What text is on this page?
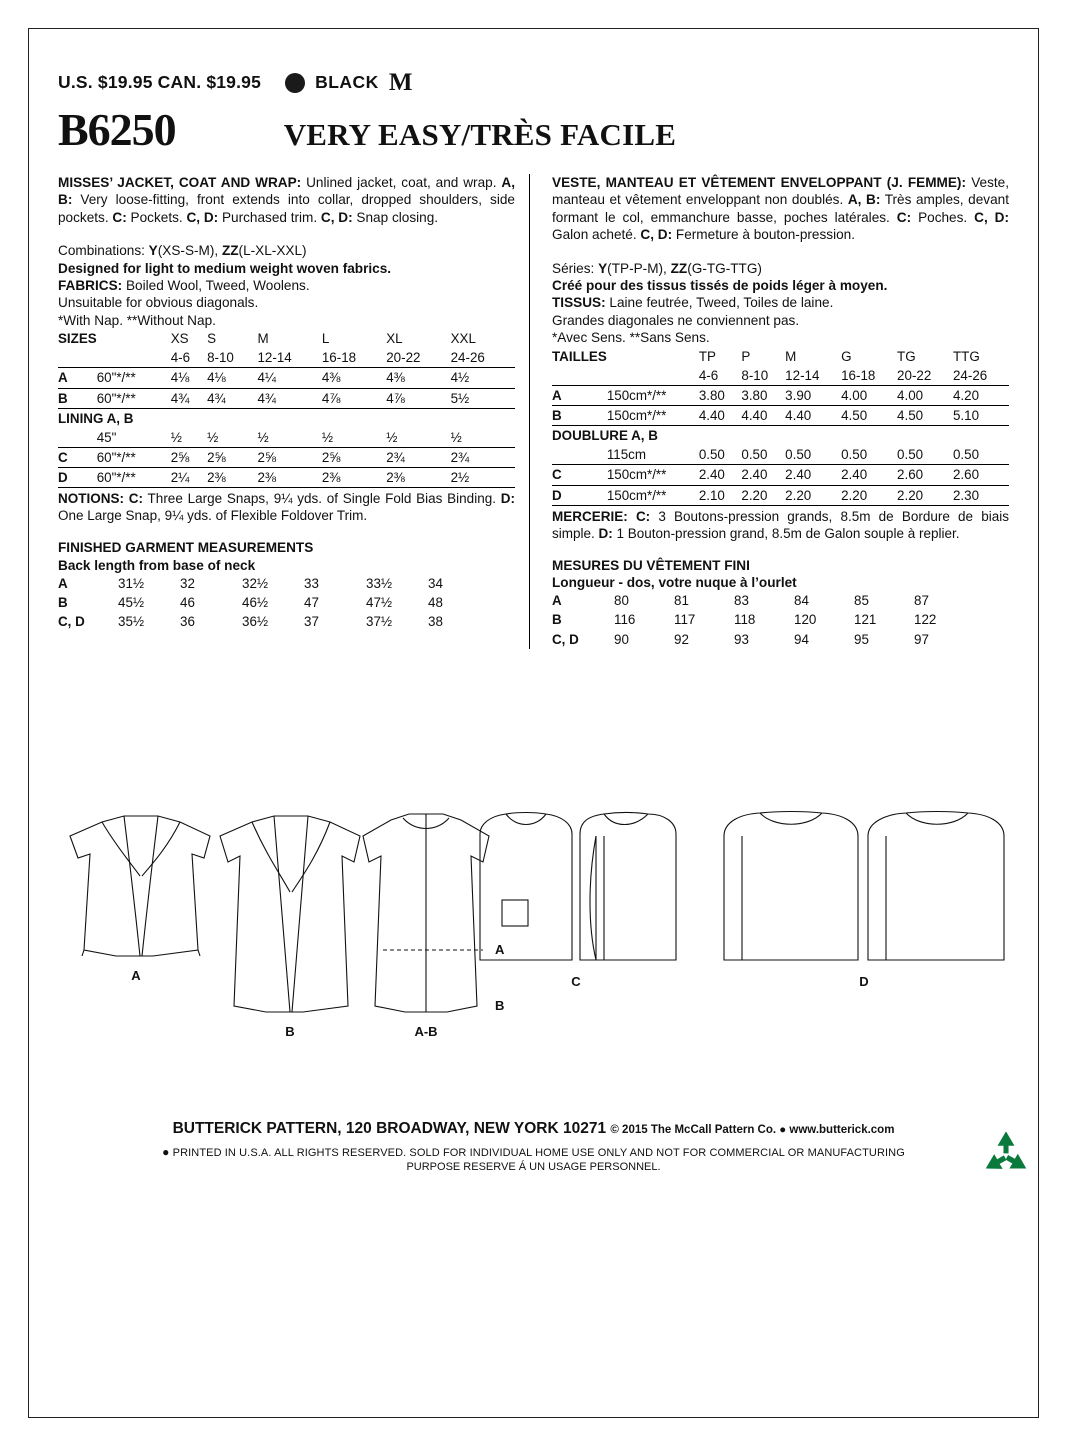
U.S. $19.95 CAN. $19.95	BLACK M
B6250	VERY EASY/TRÈS FACILE
MISSES’ JACKET, COAT AND WRAP: Unlined jacket, coat, and wrap. A, B: Very loose-fitting, front extends into collar, dropped shoulders, side pockets. C: Pockets. C, D: Purchased trim. C, D: Snap closing.
Combinations: Y(XS-S-M), ZZ(L-XL-XXL)
Designed for light to medium weight woven fabrics.
FABRICS: Boiled Wool, Tweed, Woolens.
Unsuitable for obvious diagonals.
*With Nap. **Without Nap.
SIZES		XS	S	M	L	XL	XXL
		4-6	8-10	12-14	16-18	20-22	24-26
A	60"*/**	4⅛	4⅛	4¼	4⅜	4⅜	4½
B	60"*/**	4¾	4¾	4¾	4⅞	4⅞	5½
LINING A, B							
	45"	½	½	½	½	½	½
C	60"*/**	2⅝	2⅝	2⅝	2⅝	2¾	2¾
D	60"*/**	2¼	2⅜	2⅜	2⅜	2⅜	2½
NOTIONS: C: Three Large Snaps, 9¼ yds. of Single Fold Bias Binding. D: One Large Snap, 9¼ yds. of Flexible Foldover Trim.
FINISHED GARMENT MEASUREMENTS
Back length from base of neck
A	31½	32	32½	33	33½	34
B	45½	46	46½	47	47½	48
C, D	35½	36	36½	37	37½	38
VESTE, MANTEAU ET VÊTEMENT ENVELOPPANT (J. FEMME): Veste, manteau et vêtement enveloppant non doublés. A, B: Très amples, devant formant le col, emmanchure basse, poches latérales. C: Poches. C, D: Galon acheté. C, D: Fermeture à bouton-pression.
Séries: Y(TP-P-M), ZZ(G-TG-TTG)
Créé pour des tissus tissés de poids léger à moyen.
TISSUS: Laine feutrée, Tweed, Toiles de laine.
Grandes diagonales ne conviennent pas.
*Avec Sens. **Sans Sens.
TAILLES		TP	P	M	G	TG	TTG
		4-6	8-10	12-14	16-18	20-22	24-26
A	150cm*/**	3.80	3.80	3.90	4.00	4.00	4.20
B	150cm*/**	4.40	4.40	4.40	4.50	4.50	5.10
DOUBLURE A, B							
	115cm	0.50	0.50	0.50	0.50	0.50	0.50
C	150cm*/**	2.40	2.40	2.40	2.40	2.60	2.60
D	150cm*/**	2.10	2.20	2.20	2.20	2.20	2.30
MERCERIE: C: 3 Boutons-pression grands, 8.5m de Bordure de biais simple. D: 1 Bouton-pression grand, 8.5m de Galon souple à replier.
MESURES DU VÊTEMENT FINI
Longueur - dos, votre nuque à l’ourlet
A	80	81	83	84	85	87
B	116	117	118	120	121	122
C, D	90	92	93	94	95	97
A
B
A
B
A-B
C	D
BUTTERICK PATTERN, 120 BROADWAY, NEW YORK 10271 © 2015 The McCall Pattern Co. ● www.butterick.com
● PRINTED IN U.S.A. ALL RIGHTS RESERVED. SOLD FOR INDIVIDUAL HOME USE ONLY AND NOT FOR COMMERCIAL OR MANUFACTURING
PURPOSE RESERVE Á UN USAGE PERSONNEL.
